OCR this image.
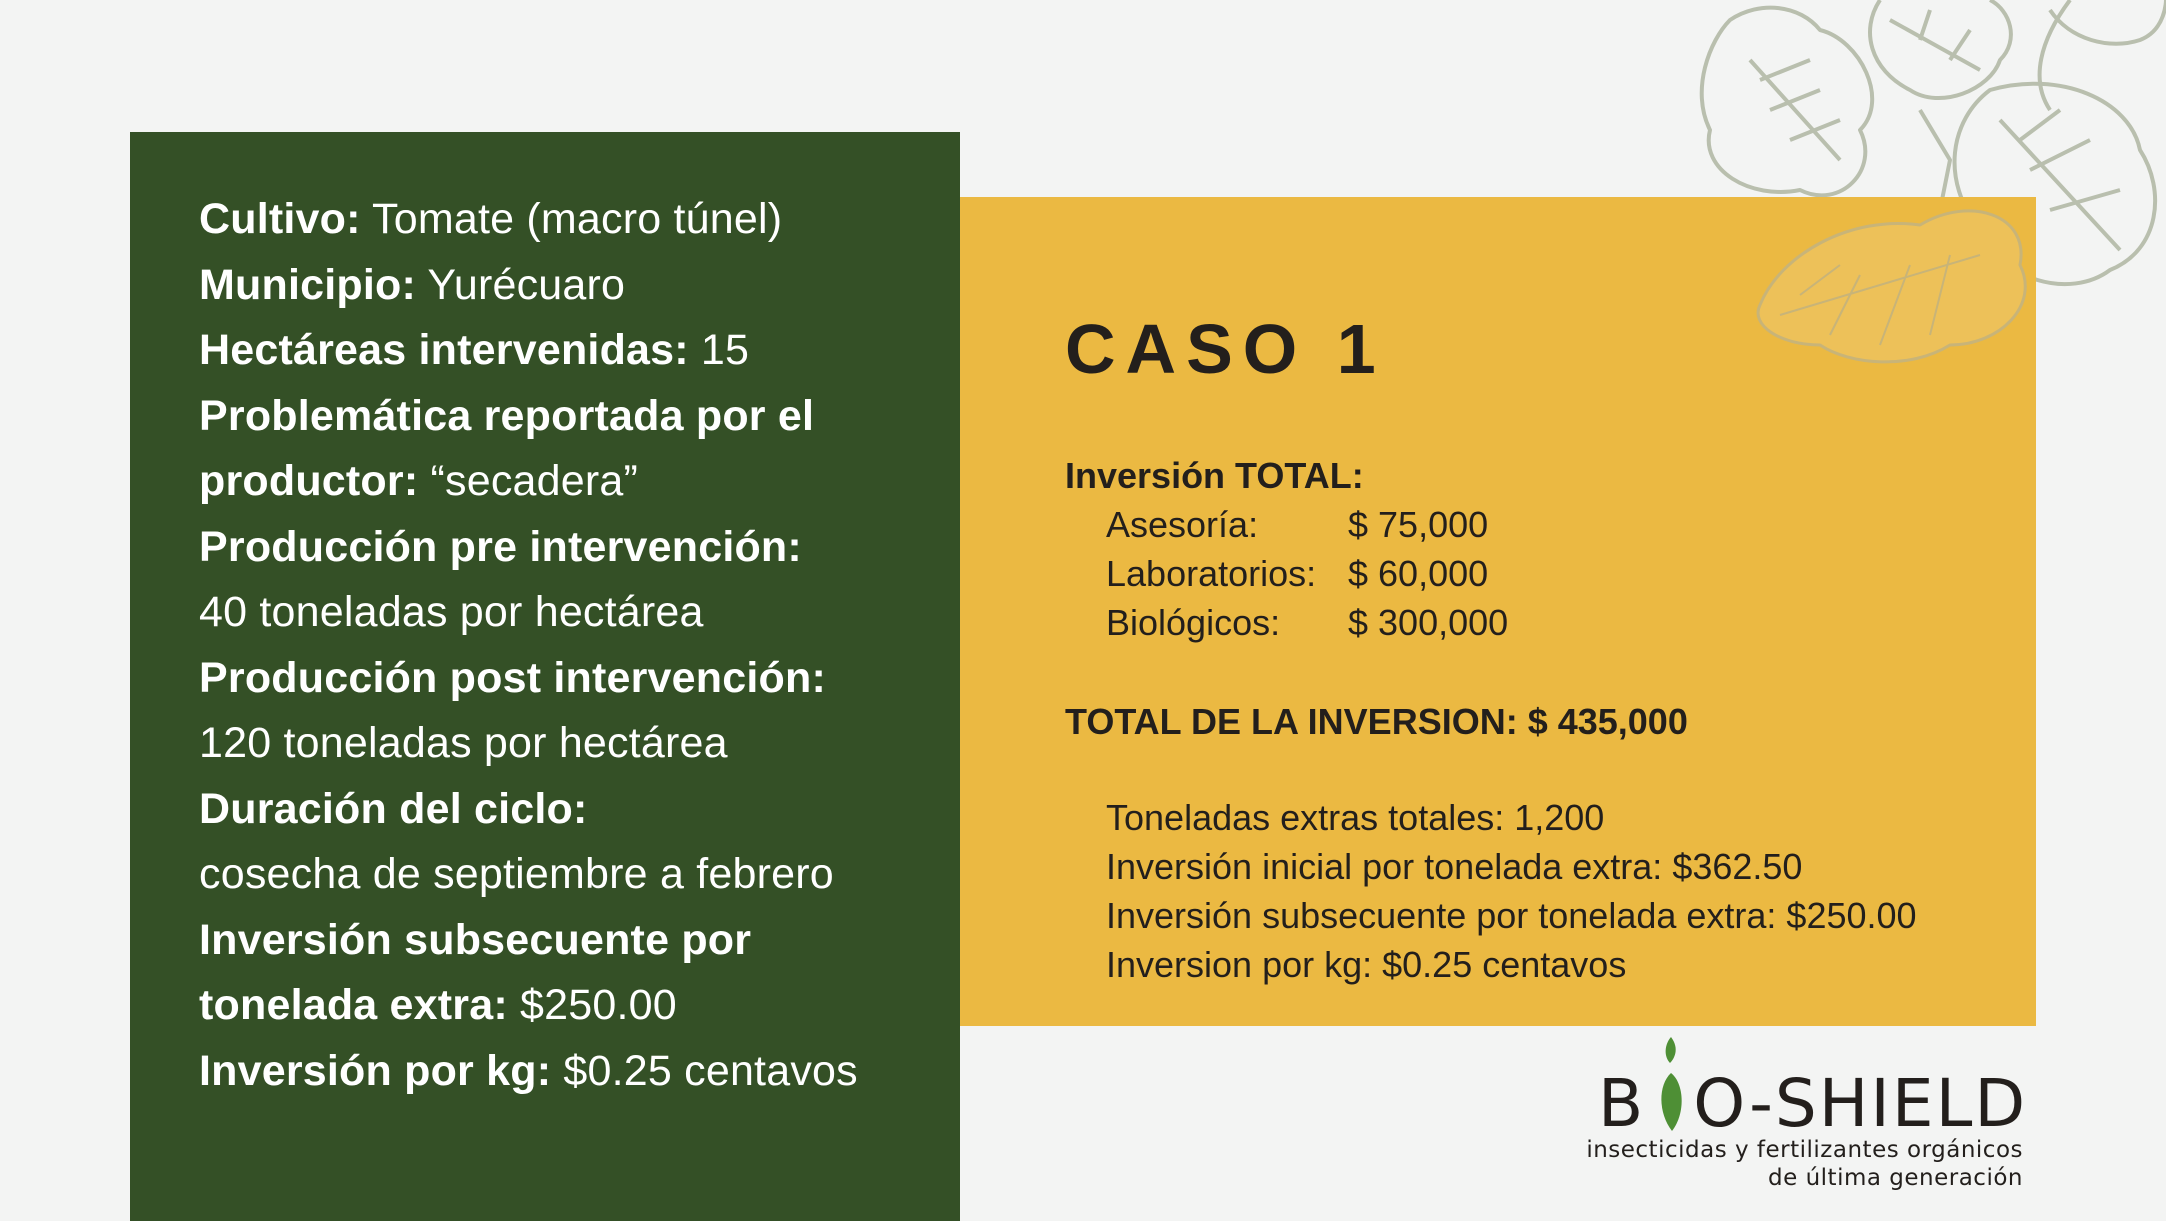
Cultivo: Tomate (macro túnel)

Municipio: Yurécuaro

Hectáreas intervenidas: 15

Problemática reportada por el

productor: “secadera”

Producción pre intervención:

40 toneladas por hectárea

Producción post intervención:

120 toneladas por hectárea

Duración del ciclo:

cosecha de septiembre a febrero

Inversión subsecuente por

tonelada extra: $250.00

Inversión por kg: $0.25 centavos

CASO 1
Inversión TOTAL:
Asesoría: $ 75,000
Laboratorios: $ 60,000
Biológicos: $ 300,000
TOTAL DE LA INVERSION: $ 435,000
Toneladas extras totales: 1,200
Inversión inicial por tonelada extra: $362.50
Inversión subsecuente por tonelada extra: $250.00
Inversion por kg: $0.25 centavos
B O-SHIELD
insecticidas y fertilizantes orgánicos
de última generación
